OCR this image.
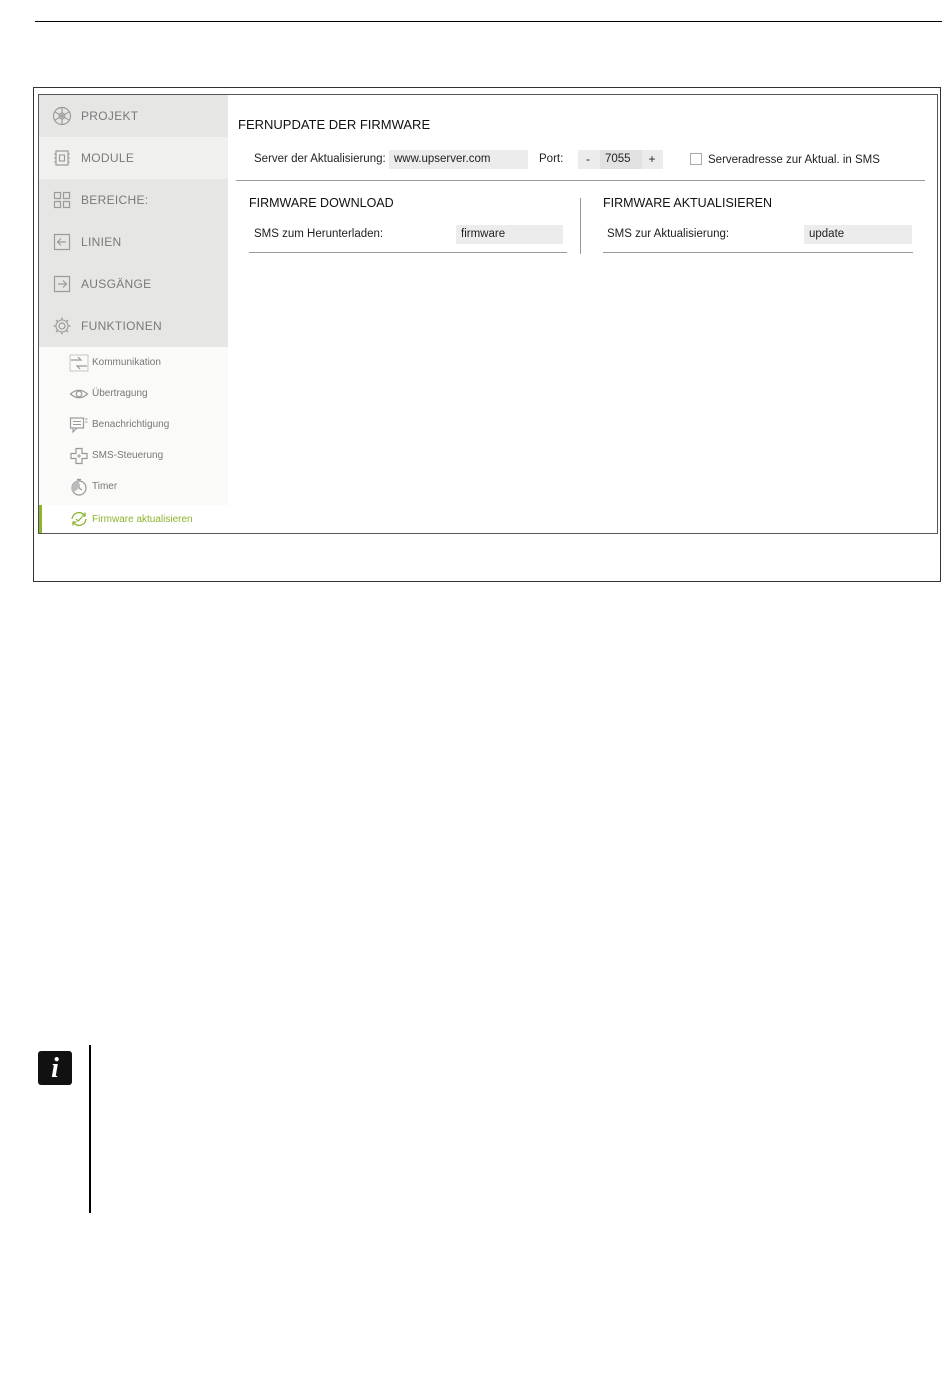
PROJEKT
MODULE
BEREICHE:
LINIEN
AUSGÄNGE
FUNKTIONEN
Kommunikation
Übertragung
Benachrichtigung
SMS-Steuerung
Timer
Firmware aktualisieren
FERNUPDATE DER FIRMWARE
Server der Aktualisierung: www.upserver.com	Port:	-	7055	+	Serveradresse zur Aktual. in SMS
FIRMWARE DOWNLOAD
SMS zum Herunterladen:	firmware
FIRMWARE AKTUALISIEREN
SMS zur Aktualisierung:	update
i
